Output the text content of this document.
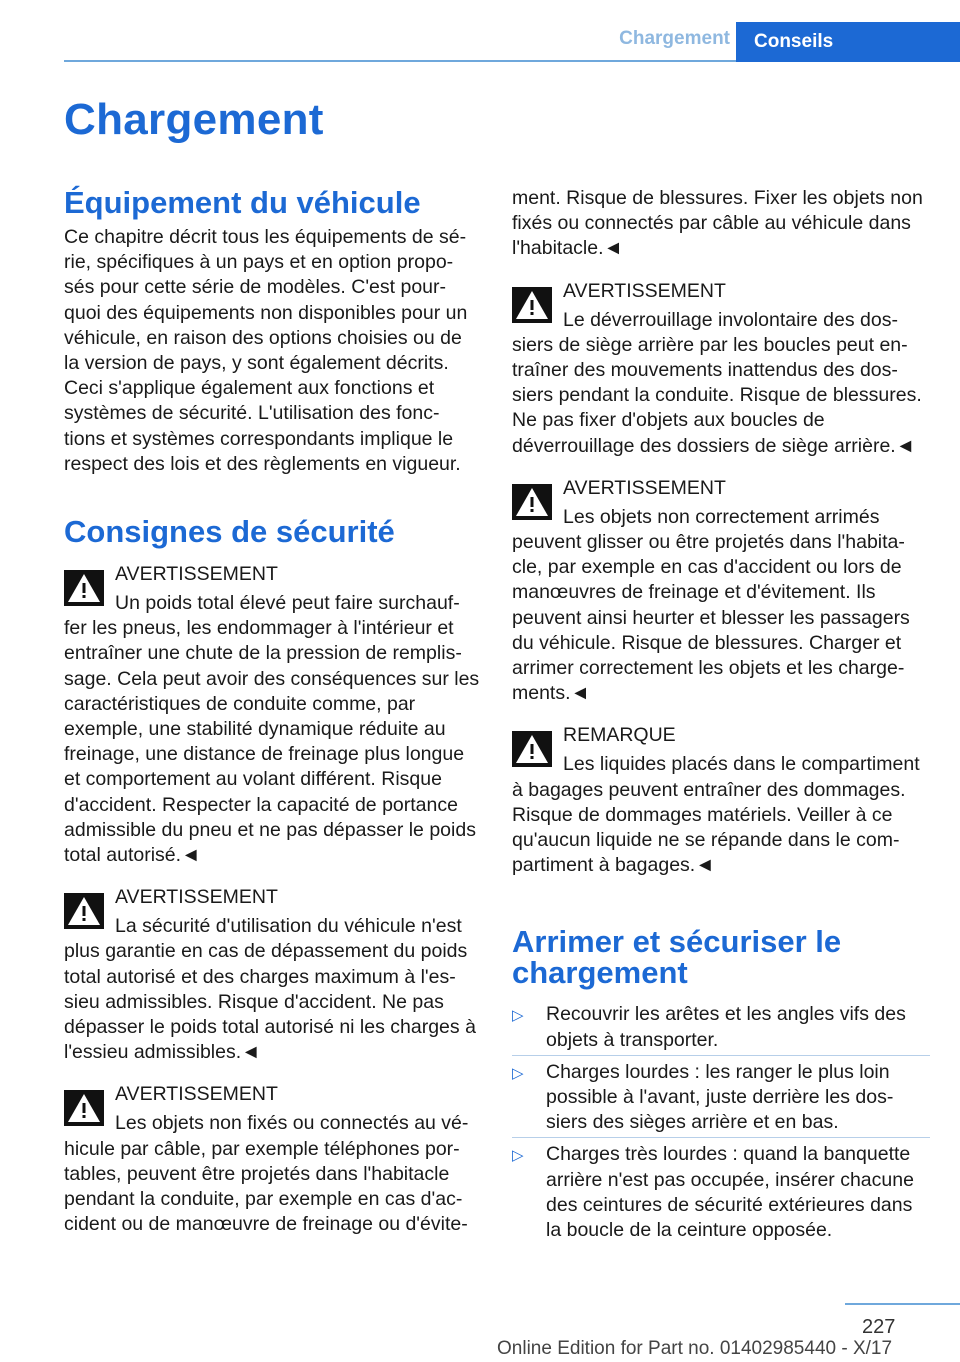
Chargement	Conseils
Chargement
Équipement du véhicule

Ce chapitre décrit tous les équipements de sé-rie, spécifiques à un pays et en option propo-sés pour cette série de modèles. C'est pour-quoi des équipements non disponibles pour un véhicule, en raison des options choisies ou de la version de pays, y sont également décrits. Ceci s'applique également aux fonctions et systèmes de sécurité. L'utilisation des fonc-tions et systèmes correspondants implique le respect des lois et des règlements en vigueur.

Consignes de sécurité
AVERTISSEMENT
Un poids total élevé peut faire surchauf-fer les pneus, les endommager à l'intérieur et entraîner une chute de la pression de remplis-sage. Cela peut avoir des conséquences sur les caractéristiques de conduite comme, par exemple, une stabilité dynamique réduite au freinage, une distance de freinage plus longue et comportement au volant différent. Risque d'accident. Respecter la capacité de portance admissible du pneu et ne pas dépasser le poids total autorisé.◄
AVERTISSEMENT
La sécurité d'utilisation du véhicule n'est plus garantie en cas de dépassement du poids total autorisé et des charges maximum à l'es-sieu admissibles. Risque d'accident. Ne pas dépasser le poids total autorisé ni les charges à l'essieu admissibles.◄
AVERTISSEMENT
Les objets non fixés ou connectés au vé-hicule par câble, par exemple téléphones por-tables, peuvent être projetés dans l'habitacle pendant la conduite, par exemple en cas d'ac-cident ou de manœuvre de freinage ou d'évite-

ment. Risque de blessures. Fixer les objets non fixés ou connectés par câble au véhicule dans l'habitacle.◄

AVERTISSEMENT
Le déverrouillage involontaire des dos-siers de siège arrière par les boucles peut en-traîner des mouvements inattendus des dos-siers pendant la conduite. Risque de blessures. Ne pas fixer d'objets aux boucles de déverrouillage des dossiers de siège arrière.◄
AVERTISSEMENT
Les objets non correctement arrimés peuvent glisser ou être projetés dans l'habita-cle, par exemple en cas d'accident ou lors de manœuvres de freinage et d'évitement. Ils peuvent ainsi heurter et blesser les passagers du véhicule. Risque de blessures. Charger et arrimer correctement les objets et les charge-ments.◄
REMARQUE
Les liquides placés dans le compartiment à bagages peuvent entraîner des dommages. Risque de dommages matériels. Veiller à ce qu'aucun liquide ne se répande dans le com-partiment à bagages.◄
Arrimer et sécuriser le chargement
▷ Recouvrir les arêtes et les angles vifs des objets à transporter.
▷ Charges lourdes : les ranger le plus loin possible à l'avant, juste derrière les dos-siers des sièges arrière et en bas.
▷ Charges très lourdes : quand la banquette arrière n'est pas occupée, insérer chacune des ceintures de sécurité extérieures dans la boucle de la ceinture opposée.
227
Online Edition for Part no. 01402985440 - X/17
